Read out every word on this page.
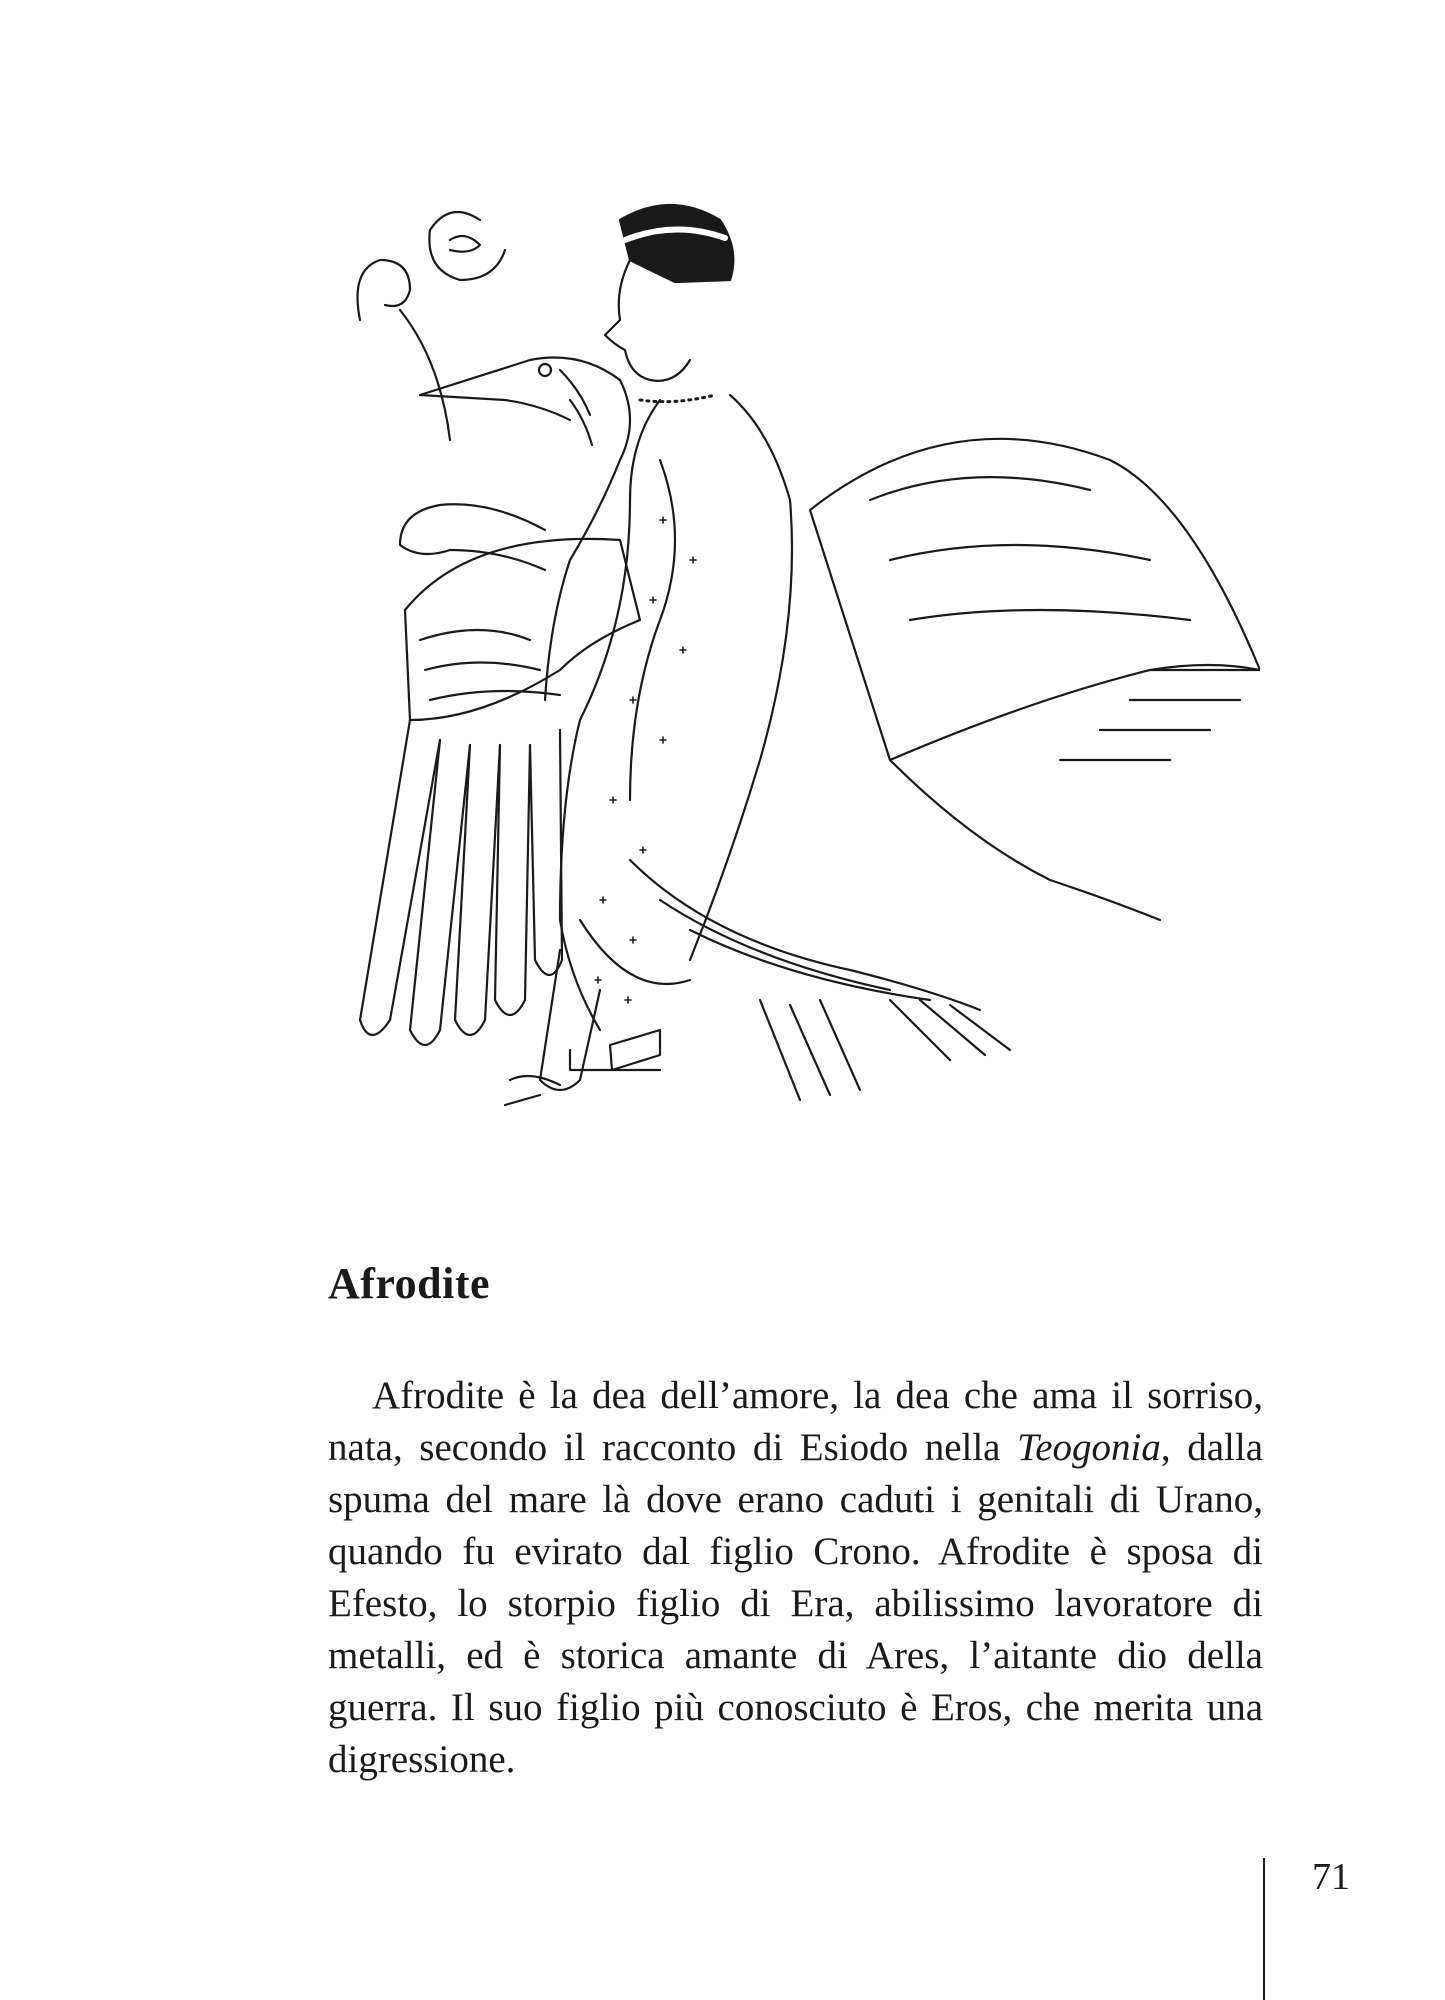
Afrodite

Afrodite è la dea dell’amore, la dea che ama il sorriso, nata, secondo il racconto di Esiodo nella Teogonia, dalla spuma del mare là dove erano caduti i genitali di Urano, quando fu evirato dal figlio Crono. Afrodite è sposa di Efesto, lo storpio figlio di Era, abilissimo lavoratore di metalli, ed è storica amante di Ares, l’aitante dio della guerra. Il suo figlio più conosciuto è Eros, che merita una digressione.

71
